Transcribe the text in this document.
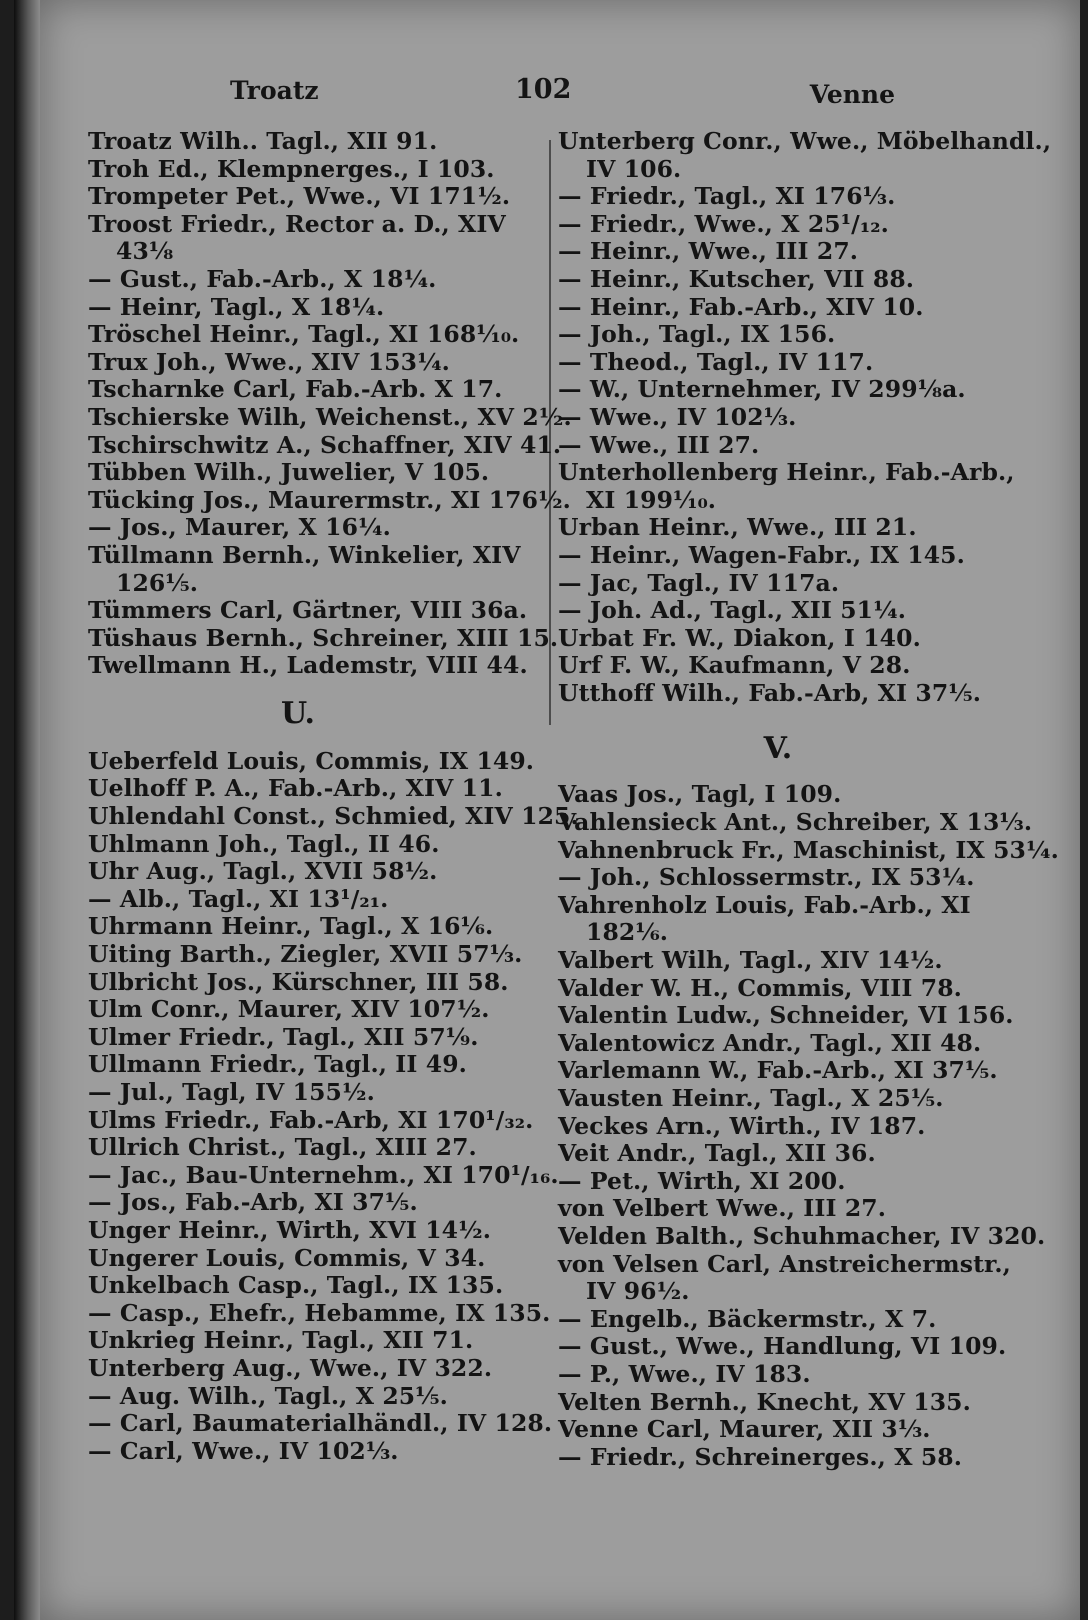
Troatz	102	Venne
Troatz Wilh.. Tagl., XII 91.
Troh Ed., Klempnerges., I 103.
Trompeter Pet., Wwe., VI 171½.
Troost Friedr., Rector a. D., XIV
43⅛
— Gust., Fab.-Arb., X 18¼.
— Heinr, Tagl., X 18¼.
Tröschel Heinr., Tagl., XI 168⅒.
Trux Joh., Wwe., XIV 153¼.
Tscharnke Carl, Fab.-Arb. X 17.
Tschierske Wilh, Weichenst., XV 2½.
Tschirschwitz A., Schaffner, XIV 41.
Tübben Wilh., Juwelier, V 105.
Tücking Jos., Maurermstr., XI 176½.
— Jos., Maurer, X 16¼.
Tüllmann Bernh., Winkelier, XIV
126⅕.
Tümmers Carl, Gärtner, VIII 36a.
Tüshaus Bernh., Schreiner, XIII 15.
Twellmann H., Lademstr, VIII 44.
U.
Ueberfeld Louis, Commis, IX 149.
Uelhoff P. A., Fab.-Arb., XIV 11.
Uhlendahl Const., Schmied, XIV 125.
Uhlmann Joh., Tagl., II 46.
Uhr Aug., Tagl., XVII 58½.
— Alb., Tagl., XI 13¹/₂₁.
Uhrmann Heinr., Tagl., X 16⅙.
Uiting Barth., Ziegler, XVII 57⅓.
Ulbricht Jos., Kürschner, III 58.
Ulm Conr., Maurer, XIV 107½.
Ulmer Friedr., Tagl., XII 57⅑.
Ullmann Friedr., Tagl., II 49.
— Jul., Tagl, IV 155½.
Ulms Friedr., Fab.-Arb, XI 170¹/₃₂.
Ullrich Christ., Tagl., XIII 27.
— Jac., Bau-Unternehm., XI 170¹/₁₆.
— Jos., Fab.-Arb, XI 37⅕.
Unger Heinr., Wirth, XVI 14½.
Ungerer Louis, Commis, V 34.
Unkelbach Casp., Tagl., IX 135.
— Casp., Ehefr., Hebamme, IX 135.
Unkrieg Heinr., Tagl., XII 71.
Unterberg Aug., Wwe., IV 322.
— Aug. Wilh., Tagl., X 25⅕.
— Carl, Baumaterialhändl., IV 128.
— Carl, Wwe., IV 102⅓.
Unterberg Conr., Wwe., Möbelhandl.,
IV 106.
— Friedr., Tagl., XI 176⅓.
— Friedr., Wwe., X 25¹/₁₂.
— Heinr., Wwe., III 27.
— Heinr., Kutscher, VII 88.
— Heinr., Fab.-Arb., XIV 10.
— Joh., Tagl., IX 156.
— Theod., Tagl., IV 117.
— W., Unternehmer, IV 299⅛a.
— Wwe., IV 102⅓.
— Wwe., III 27.
Unterhollenberg Heinr., Fab.-Arb.,
XI 199⅒.
Urban Heinr., Wwe., III 21.
— Heinr., Wagen-Fabr., IX 145.
— Jac, Tagl., IV 117a.
— Joh. Ad., Tagl., XII 51¼.
Urbat Fr. W., Diakon, I 140.
Urf F. W., Kaufmann, V 28.
Utthoff Wilh., Fab.-Arb, XI 37⅕.
V.
Vaas Jos., Tagl, I 109.
Vahlensieck Ant., Schreiber, X 13⅓.
Vahnenbruck Fr., Maschinist, IX 53¼.
— Joh., Schlossermstr., IX 53¼.
Vahrenholz Louis, Fab.-Arb., XI
182⅙.
Valbert Wilh, Tagl., XIV 14½.
Valder W. H., Commis, VIII 78.
Valentin Ludw., Schneider, VI 156.
Valentowicz Andr., Tagl., XII 48.
Varlemann W., Fab.-Arb., XI 37⅕.
Vausten Heinr., Tagl., X 25⅕.
Veckes Arn., Wirth., IV 187.
Veit Andr., Tagl., XII 36.
— Pet., Wirth, XI 200.
von Velbert Wwe., III 27.
Velden Balth., Schuhmacher, IV 320.
von Velsen Carl, Anstreichermstr.,
IV 96½.
— Engelb., Bäckermstr., X 7.
— Gust., Wwe., Handlung, VI 109.
— P., Wwe., IV 183.
Velten Bernh., Knecht, XV 135.
Venne Carl, Maurer, XII 3⅓.
— Friedr., Schreinerges., X 58.
